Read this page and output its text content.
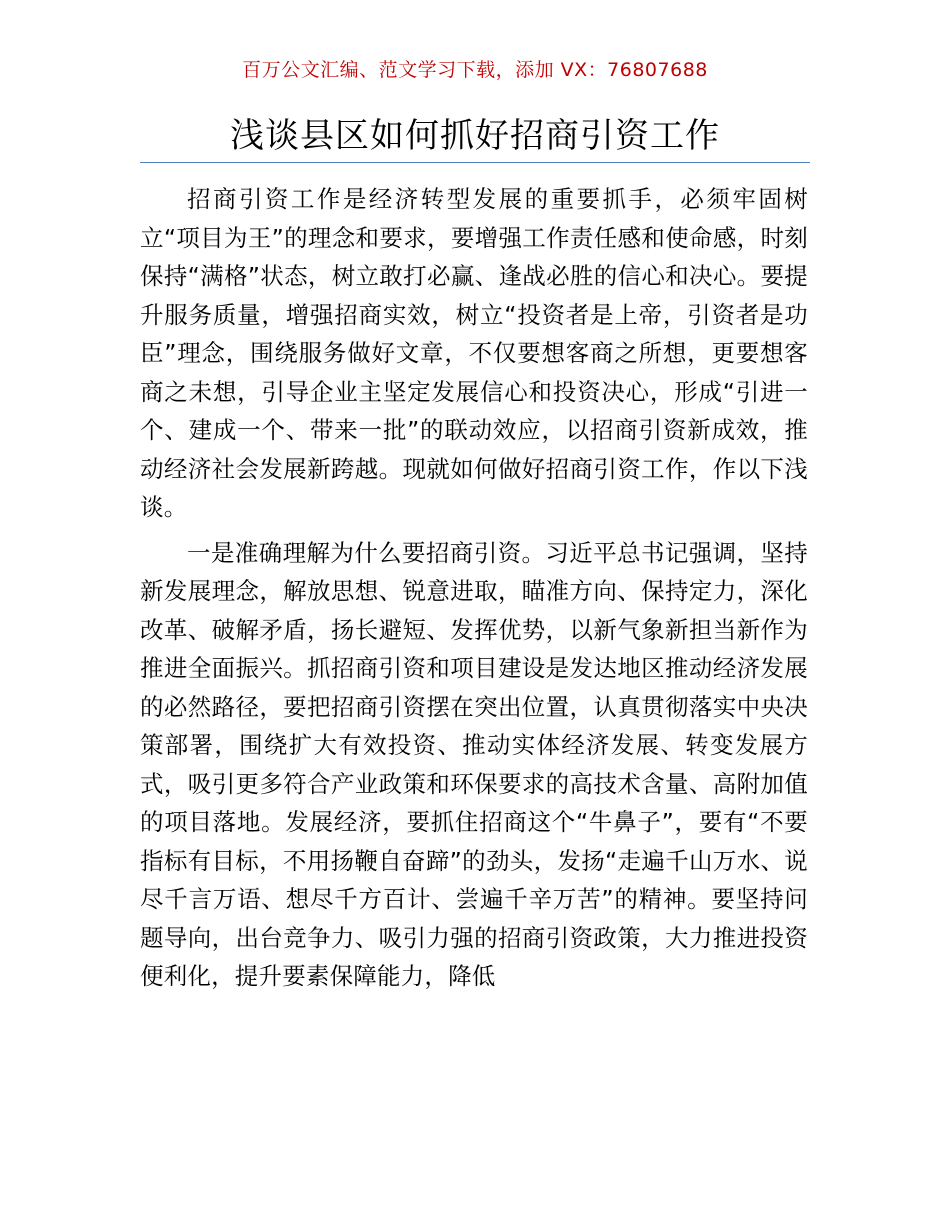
百万公文汇编、范文学习下载，添加 VX：76807688
浅谈县区如何抓好招商引资工作

招商引资工作是经济转型发展的重要抓手，必须牢固树立“项目为王”的理念和要求，要增强工作责任感和使命感，时刻保持“满格”状态，树立敢打必赢、逢战必胜的信心和决心。要提升服务质量，增强招商实效，树立“投资者是上帝，引资者是功臣”理念，围绕服务做好文章，不仅要想客商之所想，更要想客商之未想，引导企业主坚定发展信心和投资决心，形成“引进一个、建成一个、带来一批”的联动效应，以招商引资新成效，推动经济社会发展新跨越。现就如何做好招商引资工作，作以下浅谈。

一是准确理解为什么要招商引资。习近平总书记强调，坚持新发展理念，解放思想、锐意进取，瞄准方向、保持定力，深化改革、破解矛盾，扬长避短、发挥优势，以新气象新担当新作为推进全面振兴。抓招商引资和项目建设是发达地区推动经济发展的必然路径，要把招商引资摆在突出位置，认真贯彻落实中央决策部署，围绕扩大有效投资、推动实体经济发展、转变发展方式，吸引更多符合产业政策和环保要求的高技术含量、高附加值的项目落地。发展经济，要抓住招商这个“牛鼻子”，要有“不要指标有目标，不用扬鞭自奋蹄”的劲头，发扬“走遍千山万水、说尽千言万语、想尽千方百计、尝遍千辛万苦”的精神。要坚持问题导向，出台竞争力、吸引力强的招商引资政策，大力推进投资便利化，提升要素保障能力，降低
